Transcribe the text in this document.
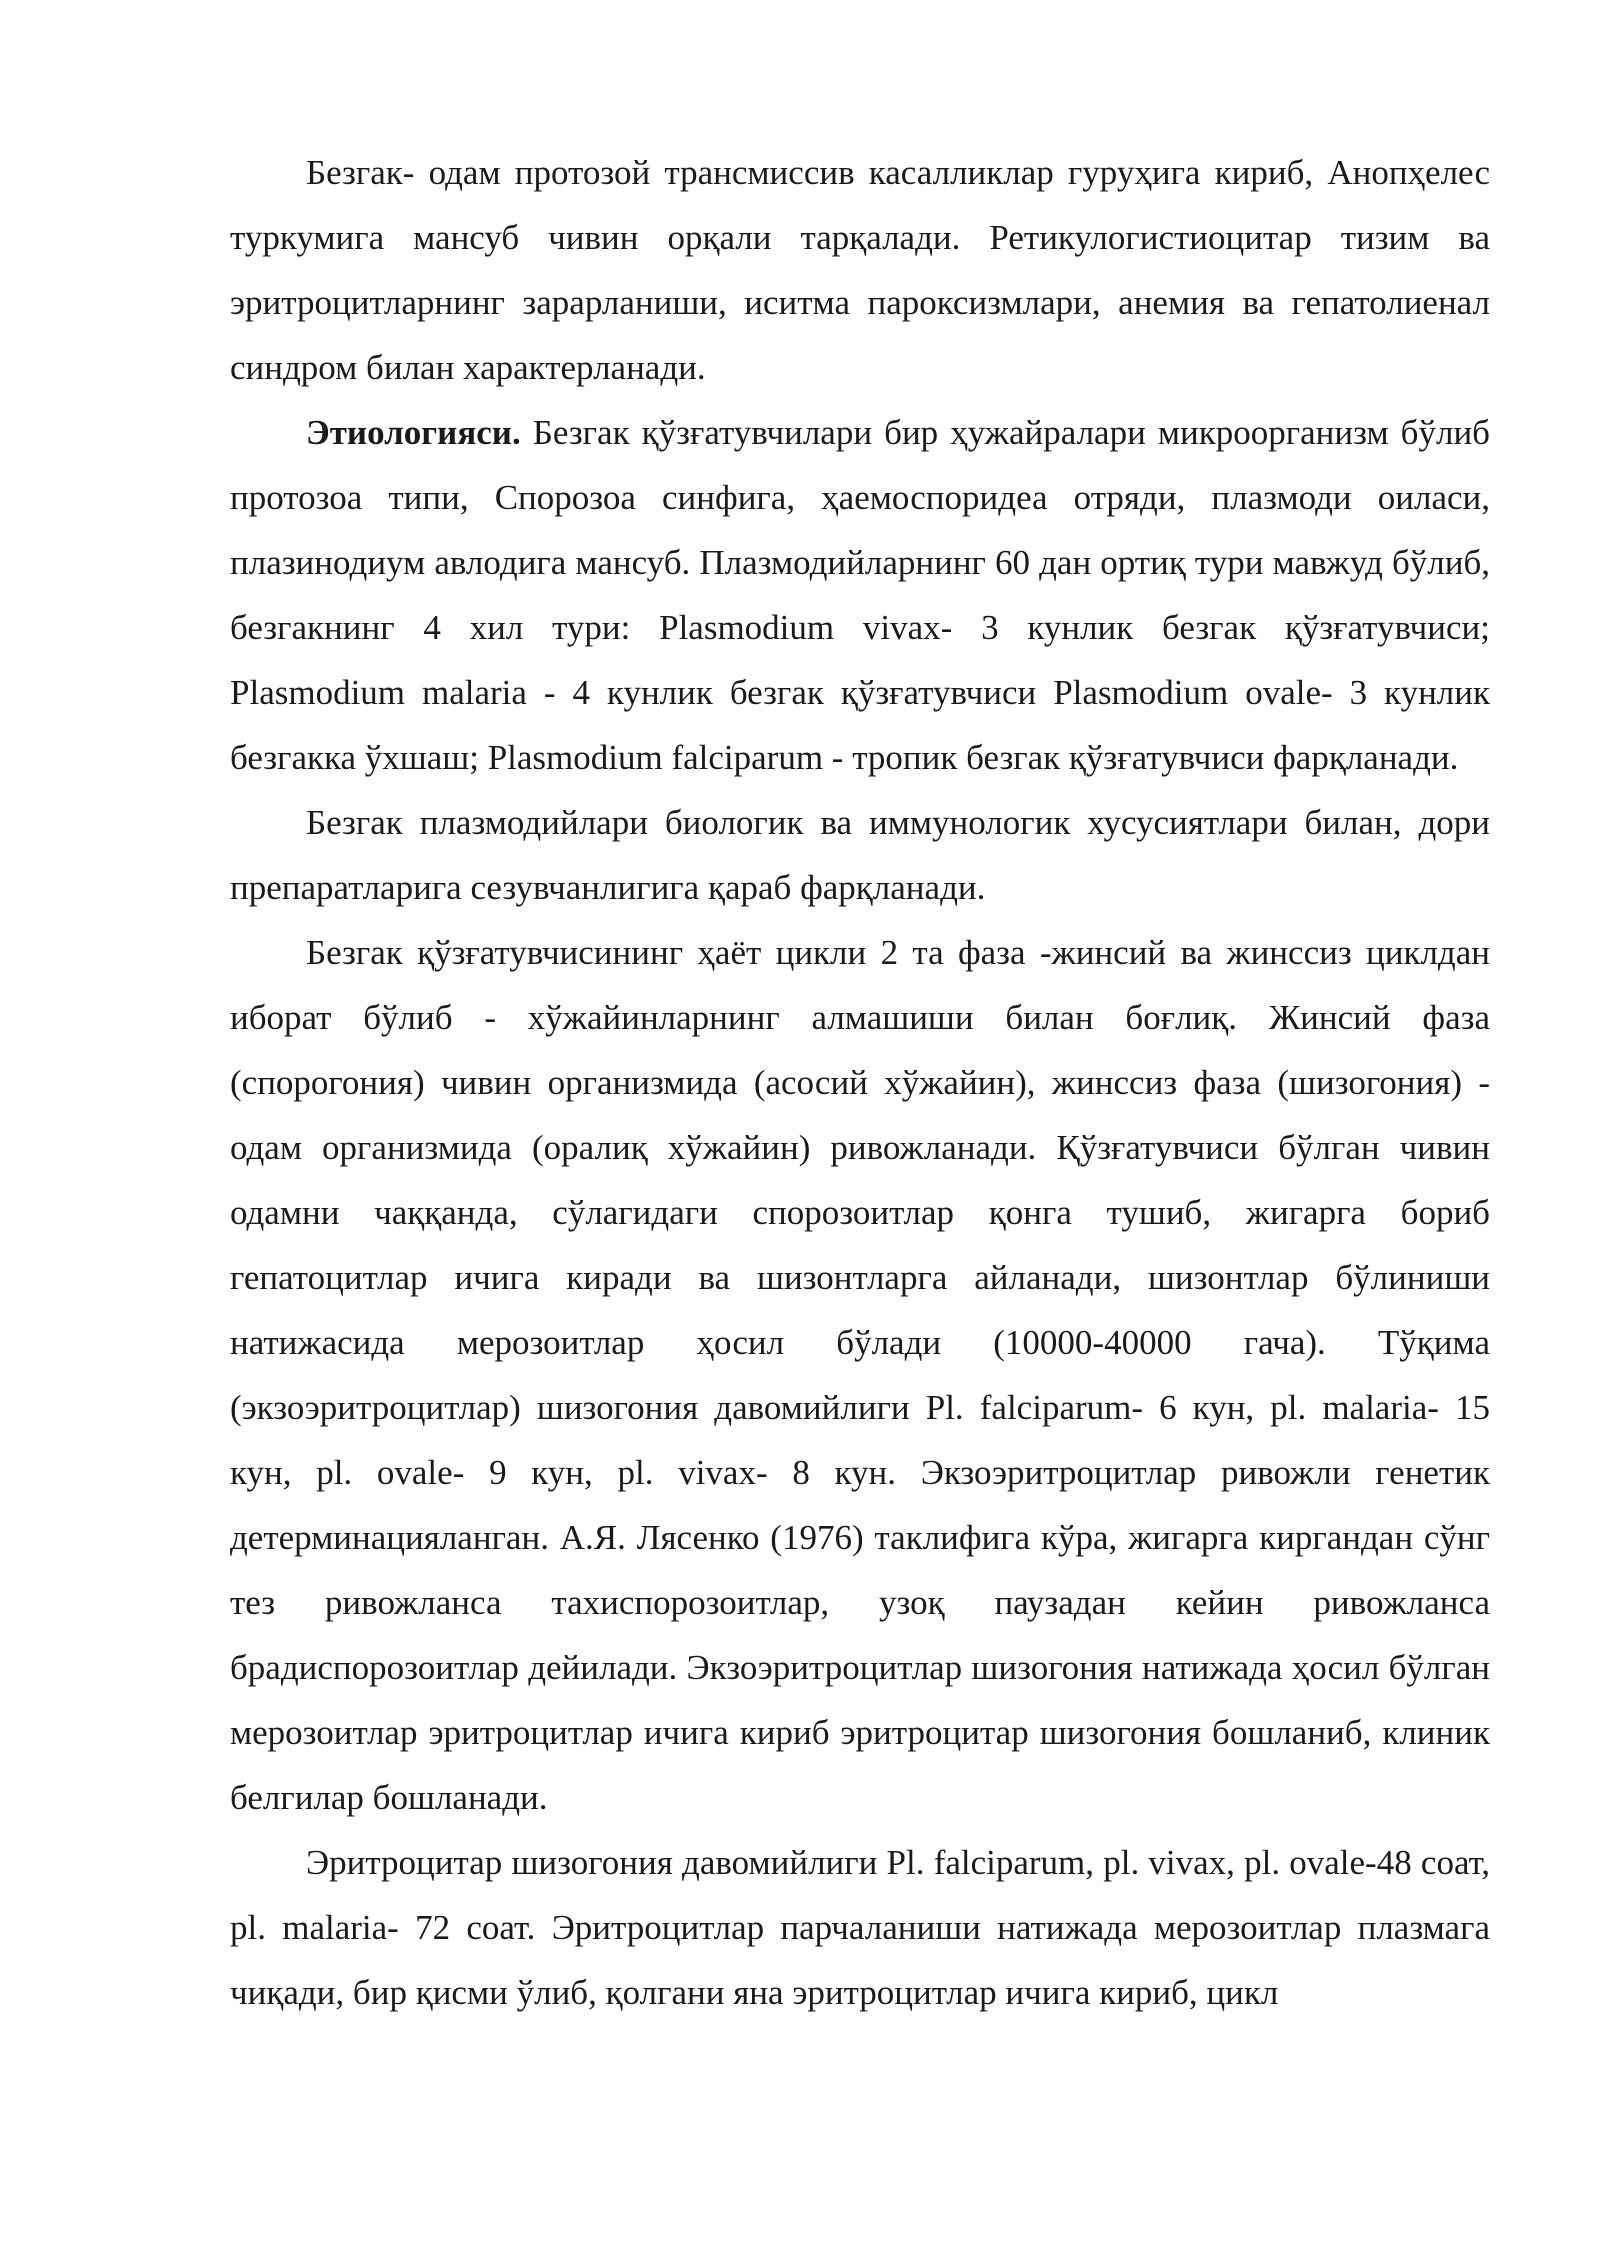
Безгак- одам протозой трансмиссив касалликлар гуруҳига кириб, Анопҳелес туркумига мансуб чивин орқали тарқалади. Ретикулогистиоцитар тизим ва эритроцитларнинг зарарланиши, иситма пароксизмлари, анемия ва гепатолиенал синдром билан характерланади.

Этиологияси. Безгак қўзғатувчилари бир ҳужайралари микроорганизм бўлиб протозоа типи, Спорозоа синфига, ҳаемоспоридеа отряди, плазмоди оиласи, плазинодиум авлодига мансуб. Плазмодийларнинг 60 дан ортиқ тури мавжуд бўлиб, безгакнинг 4 хил тури: Plasmodium vivax- 3 кунлик безгак қўзғатувчиси; Plasmodium malaria - 4 кунлик безгак қўзғатувчиси Plasmodium ovale- 3 кунлик безгакка ўхшаш; Plasmodium falciparum - тропик безгак қўзғатувчиси фарқланади.

Безгак плазмодийлари биологик ва иммунологик хусусиятлари билан, дори препаратларига сезувчанлигига қараб фарқланади.

Безгак қўзғатувчисининг ҳаёт цикли 2 та фаза -жинсий ва жинссиз циклдан иборат бўлиб - хўжайинларнинг алмашиши билан боғлиқ. Жинсий фаза (спорогония) чивин организмида (асосий хўжайин), жинссиз фаза (шизогония) - одам организмида (оралиқ хўжайин) ривожланади. Қўзғатувчиси бўлган чивин одамни чаққанда, сўлагидаги спорозоитлар қонга тушиб, жигарга бориб гепатоцитлар ичига киради ва шизонтларга айланади, шизонтлар бўлиниши натижасида мерозоитлар ҳосил бўлади (10000-40000 гача). Тўқима (экзоэритроцитлар) шизогония давомийлиги Pl. falciparum- 6 кун, pl. malaria- 15 кун, pl. ovale- 9 кун, pl. vivax- 8 кун. Экзоэритроцитлар ривожли генетик детерминацияланган. А.Я. Лясенко (1976) таклифига кўра, жигарга киргандан сўнг тез ривожланса тахиспорозоитлар, узоқ паузадан кейин ривожланса брадиспорозоитлар дейилади. Экзоэритроцитлар шизогония натижада ҳосил бўлган мерозоитлар эритроцитлар ичига кириб эритроцитар шизогония бошланиб, клиник белгилар бошланади.

Эритроцитар шизогония давомийлиги Pl. falciparum, pl. vivax, pl. ovale-48 соат, pl. malaria- 72 соат. Эритроцитлар парчаланиши натижада мерозоитлар плазмага чиқади, бир қисми ўлиб, қолгани яна эритроцитлар ичига кириб, цикл
